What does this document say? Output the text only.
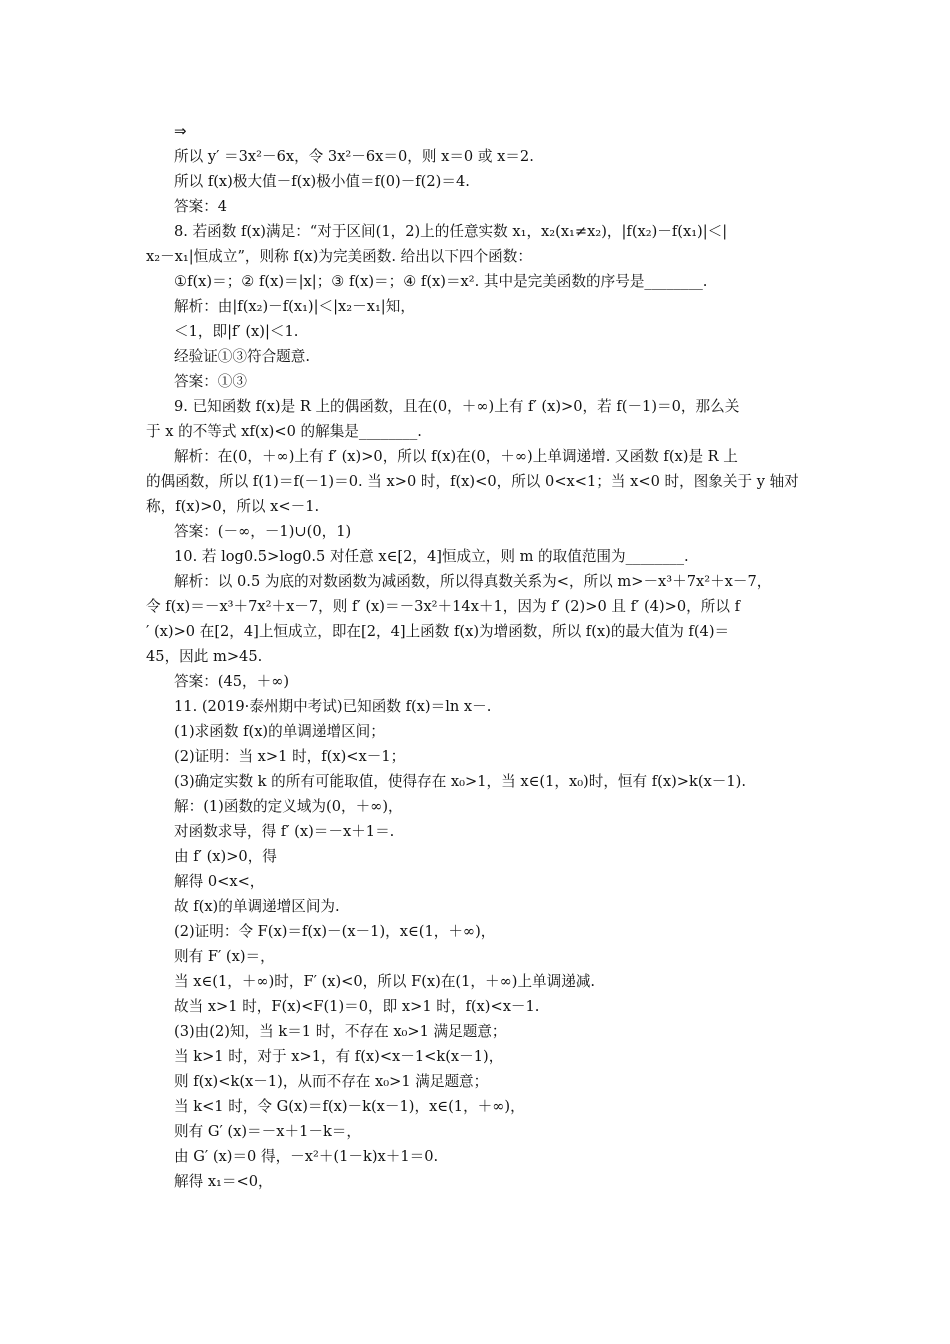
⇒
所以 y′ ＝3x²－6x，令 3x²－6x＝0，则 x＝0 或 x＝2.
所以 f(x)极大值－f(x)极小值＝f(0)－f(2)＝4.
答案：4
8. 若函数 f(x)满足：“对于区间(1，2)上的任意实数 x₁，x₂(x₁≠x₂)，|f(x₂)－f(x₁)|＜|
x₂－x₁|恒成立”，则称 f(x)为完美函数. 给出以下四个函数：
①f(x)＝；② f(x)＝|x|；③ f(x)＝；④ f(x)＝x². 其中是完美函数的序号是________.
解析：由|f(x₂)－f(x₁)|＜|x₂－x₁|知，
＜1，即|f′ (x)|＜1.
经验证①③符合题意.
答案：①③
9. 已知函数 f(x)是 R 上的偶函数，且在(0，＋∞)上有 f′ (x)>0，若 f(－1)＝0，那么关
于 x 的不等式 xf(x)<0 的解集是________.
解析：在(0，＋∞)上有 f′ (x)>0，所以 f(x)在(0，＋∞)上单调递增. 又函数 f(x)是 R 上
的偶函数，所以 f(1)＝f(－1)＝0. 当 x>0 时，f(x)<0，所以 0<x<1；当 x<0 时，图象关于 y 轴对
称，f(x)>0，所以 x<－1.
答案：(－∞，－1)∪(0，1)
10. 若 log0.5>log0.5 对任意 x∈[2，4]恒成立，则 m 的取值范围为________.
解析：以 0.5 为底的对数函数为减函数，所以得真数关系为<，所以 m>－x³＋7x²＋x－7，
令 f(x)＝－x³＋7x²＋x－7，则 f′ (x)＝－3x²＋14x＋1，因为 f′ (2)>0 且 f′ (4)>0，所以 f
′ (x)>0 在[2，4]上恒成立，即在[2，4]上函数 f(x)为增函数，所以 f(x)的最大值为 f(4)＝
45，因此 m>45.
答案：(45，＋∞)
11. (2019·泰州期中考试)已知函数 f(x)＝ln x－.
(1)求函数 f(x)的单调递增区间；
(2)证明：当 x>1 时，f(x)<x－1；
(3)确定实数 k 的所有可能取值，使得存在 x₀>1，当 x∈(1，x₀)时，恒有 f(x)>k(x－1).
解：(1)函数的定义域为(0，＋∞)，
对函数求导，得 f′ (x)＝－x＋1＝.
由 f′ (x)>0，得
解得 0<x<，
故 f(x)的单调递增区间为.
(2)证明：令 F(x)＝f(x)－(x－1)，x∈(1，＋∞)，
则有 F′ (x)＝，
当 x∈(1，＋∞)时，F′ (x)<0，所以 F(x)在(1，＋∞)上单调递减.
故当 x>1 时，F(x)<F(1)＝0，即 x>1 时，f(x)<x－1.
(3)由(2)知，当 k＝1 时，不存在 x₀>1 满足题意；
当 k>1 时，对于 x>1，有 f(x)<x－1<k(x－1)，
则 f(x)<k(x－1)，从而不存在 x₀>1 满足题意；
当 k<1 时，令 G(x)＝f(x)－k(x－1)，x∈(1，＋∞)，
则有 G′ (x)＝－x＋1－k＝，
由 G′ (x)＝0 得，－x²＋(1－k)x＋1＝0.
解得 x₁＝<0，
